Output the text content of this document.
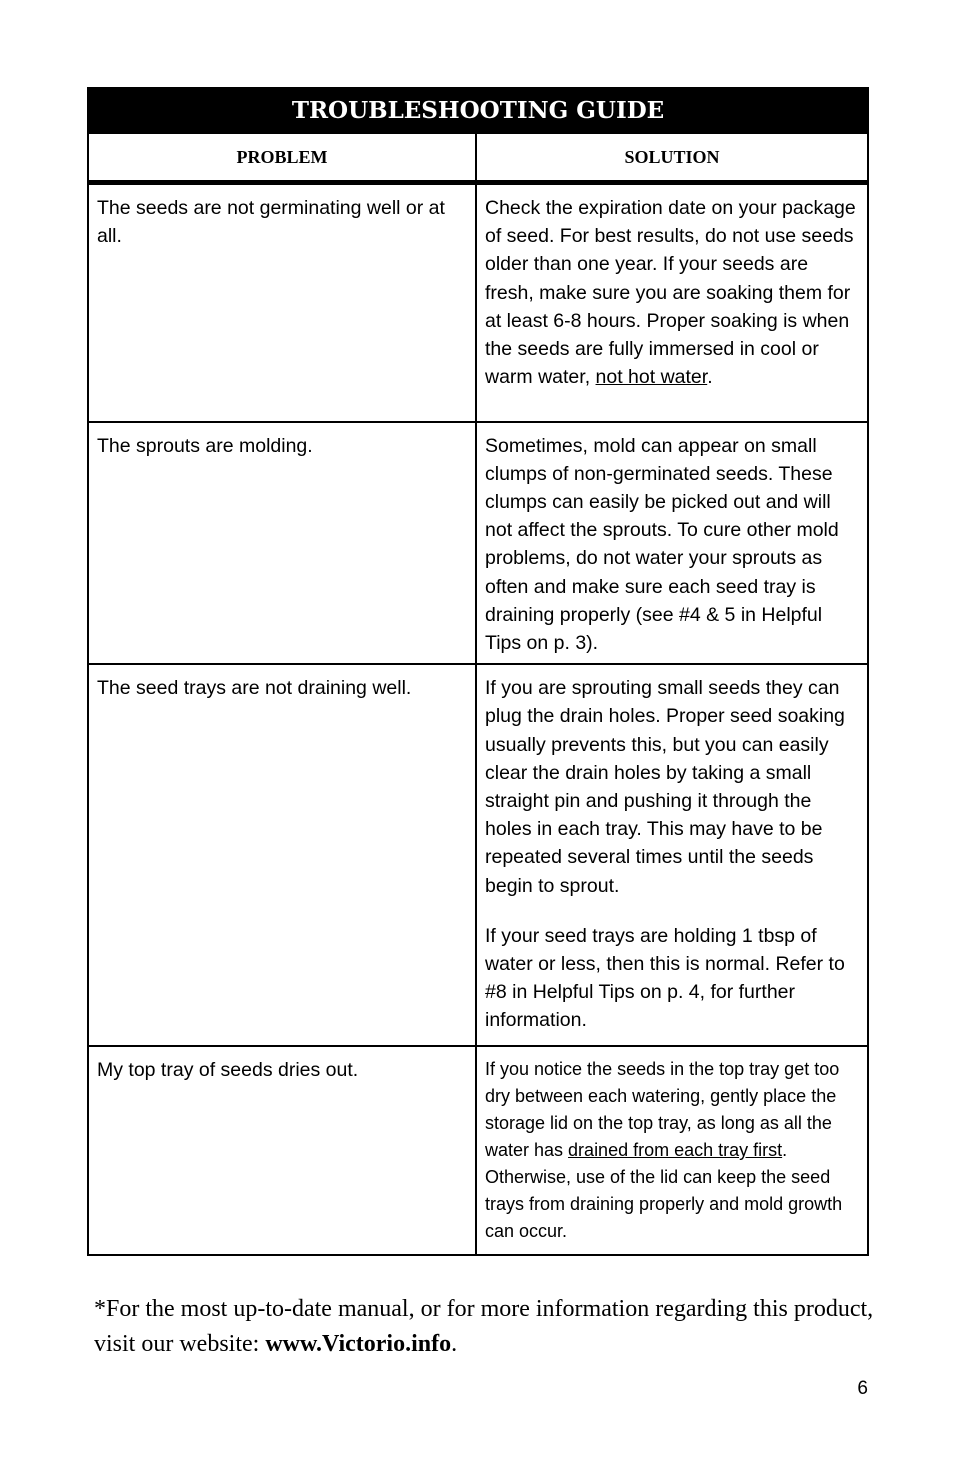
TROUBLESHOOTING GUIDE	
PROBLEM	SOLUTION
The seeds are not germinating well or at all.	Check the expiration date on your package of seed. For best results, do not use seeds older than one year. If your seeds are fresh, make sure you are soaking them for at least 6-8 hours. Proper soaking is when the seeds are fully immersed in cool or warm water, not hot water.
The sprouts are molding.	Sometimes, mold can appear on small clumps of non-germinated seeds. These clumps can easily be picked out and will not affect the sprouts. To cure other mold problems, do not water your sprouts as often and make sure each seed tray is draining properly (see #4 & 5 in Helpful Tips on p. 3).
The seed trays are not draining well.	If you are sprouting small seeds they can plug the drain holes. Proper seed soaking usually prevents this, but you can easily clear the drain holes by taking a small straight pin and pushing it through the holes in each tray. This may have to be repeated several times until the seeds begin to sprout.
If your seed trays are holding 1 tbsp of water or less, then this is normal. Refer to #8 in Helpful Tips on p. 4, for further information.

My top tray of seeds dries out.	If you notice the seeds in the top tray get too dry between each watering, gently place the storage lid on the top tray, as long as all the water has drained from each tray first. Otherwise, use of the lid can keep the seed trays from draining properly and mold growth can occur.
*For the most up-to-date manual, or for more information regarding this product, visit our website: www.Victorio.info.
6
